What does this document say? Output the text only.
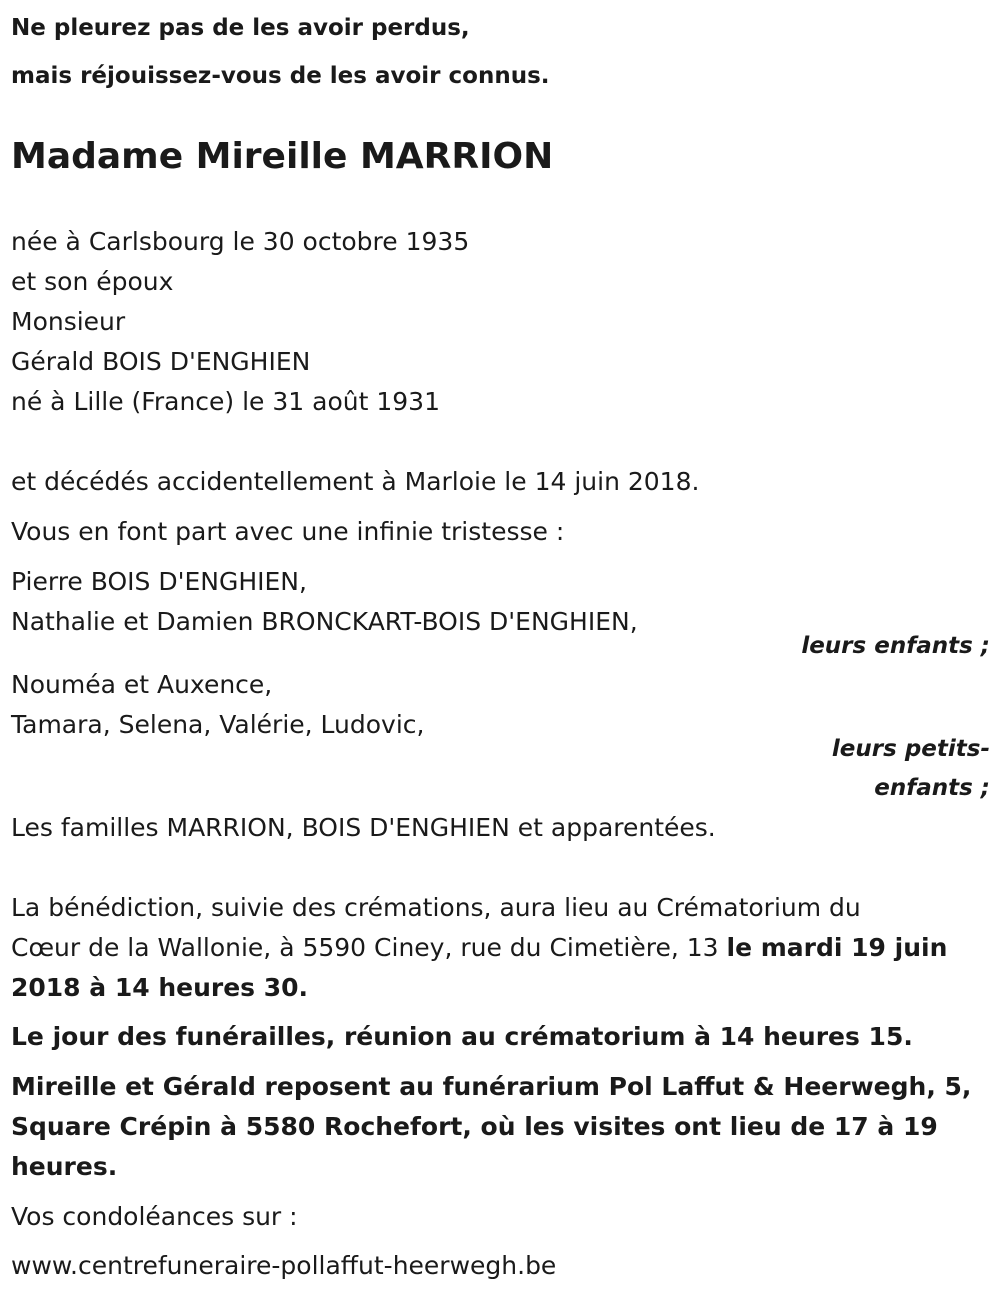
Ne pleurez pas de les avoir perdus,
mais réjouissez-vous de les avoir connus.
Madame Mireille MARRION
née à Carlsbourg le 30 octobre 1935
et son époux
Monsieur
Gérald BOIS D'ENGHIEN
né à Lille (France) le 31 août 1931
et décédés accidentellement à Marloie le 14 juin 2018.
Vous en font part avec une infinie tristesse :
Pierre BOIS D'ENGHIEN,
Nathalie et Damien BRONCKART-BOIS D'ENGHIEN,
leurs enfants ;
Nouméa et Auxence,
Tamara, Selena, Valérie, Ludovic,
leurs petits-
enfants ;
Les familles MARRION, BOIS D'ENGHIEN et apparentées.
La bénédiction, suivie des crémations, aura lieu au Crématorium du
Cœur de la Wallonie, à 5590 Ciney, rue du Cimetière, 13 le mardi 19 juin
2018 à 14 heures 30.
Le jour des funérailles, réunion au crématorium à 14 heures 15.
Mireille et Gérald reposent au funérarium Pol Laffut & Heerwegh, 5,
Square Crépin à 5580 Rochefort, où les visites ont lieu de 17 à 19
heures.
Vos condoléances sur :
www.centrefuneraire-pollaffut-heerwegh.be
